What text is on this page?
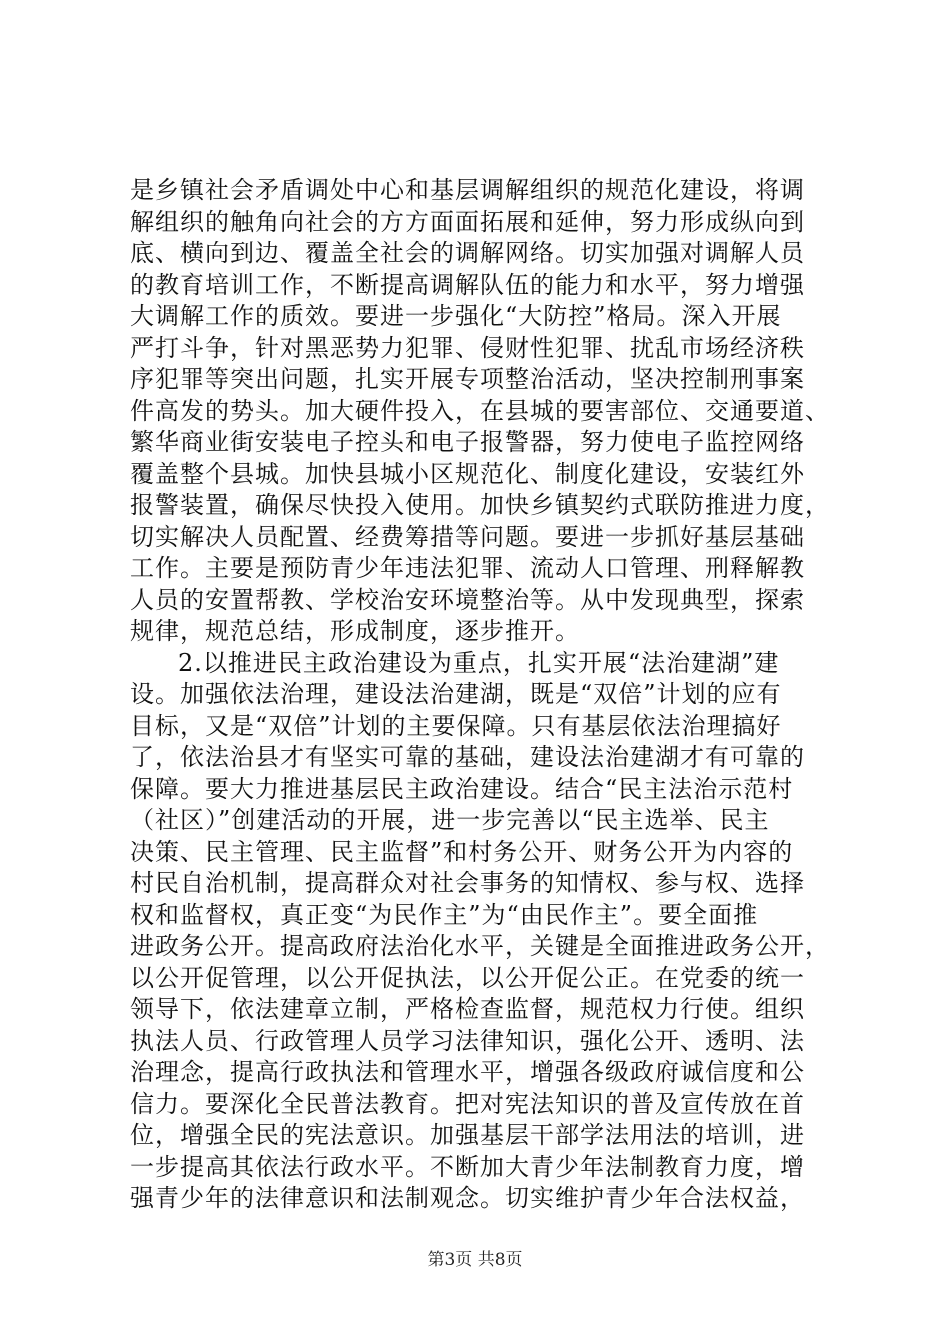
是乡镇社会矛盾调处中心和基层调解组织的规范化建设，将调
解组织的触角向社会的方方面面拓展和延伸，努力形成纵向到
底、横向到边、覆盖全社会的调解网络。切实加强对调解人员
的教育培训工作，不断提高调解队伍的能力和水平，努力增强
大调解工作的质效。要进一步强化“大防控”格局。深入开展
严打斗争，针对黑恶势力犯罪、侵财性犯罪、扰乱市场经济秩
序犯罪等突出问题，扎实开展专项整治活动，坚决控制刑事案
件高发的势头。加大硬件投入，在县城的要害部位、交通要道、
繁华商业街安装电子控头和电子报警器，努力使电子监控网络
覆盖整个县城。加快县城小区规范化、制度化建设，安装红外
报警装置，确保尽快投入使用。加快乡镇契约式联防推进力度，
切实解决人员配置、经费筹措等问题。要进一步抓好基层基础
工作。主要是预防青少年违法犯罪、流动人口管理、刑释解教
人员的安置帮教、学校治安环境整治等。从中发现典型，探索
规律，规范总结，形成制度，逐步推开。
2.以推进民主政治建设为重点，扎实开展“法治建湖”建
设。加强依法治理，建设法治建湖，既是“双倍”计划的应有
目标，又是“双倍”计划的主要保障。只有基层依法治理搞好
了，依法治县才有坚实可靠的基础，建设法治建湖才有可靠的
保障。要大力推进基层民主政治建设。结合“民主法治示范村
（社区）”创建活动的开展，进一步完善以“民主选举、民主
决策、民主管理、民主监督”和村务公开、财务公开为内容的
村民自治机制，提高群众对社会事务的知情权、参与权、选择
权和监督权，真正变“为民作主”为“由民作主”。要全面推
进政务公开。提高政府法治化水平，关键是全面推进政务公开，
以公开促管理，以公开促执法，以公开促公正。在党委的统一
领导下，依法建章立制，严格检查监督，规范权力行使。组织
执法人员、行政管理人员学习法律知识，强化公开、透明、法
治理念，提高行政执法和管理水平，增强各级政府诚信度和公
信力。要深化全民普法教育。把对宪法知识的普及宣传放在首
位，增强全民的宪法意识。加强基层干部学法用法的培训，进
一步提高其依法行政水平。不断加大青少年法制教育力度，增
强青少年的法律意识和法制观念。切实维护青少年合法权益，
第3页 共8页
